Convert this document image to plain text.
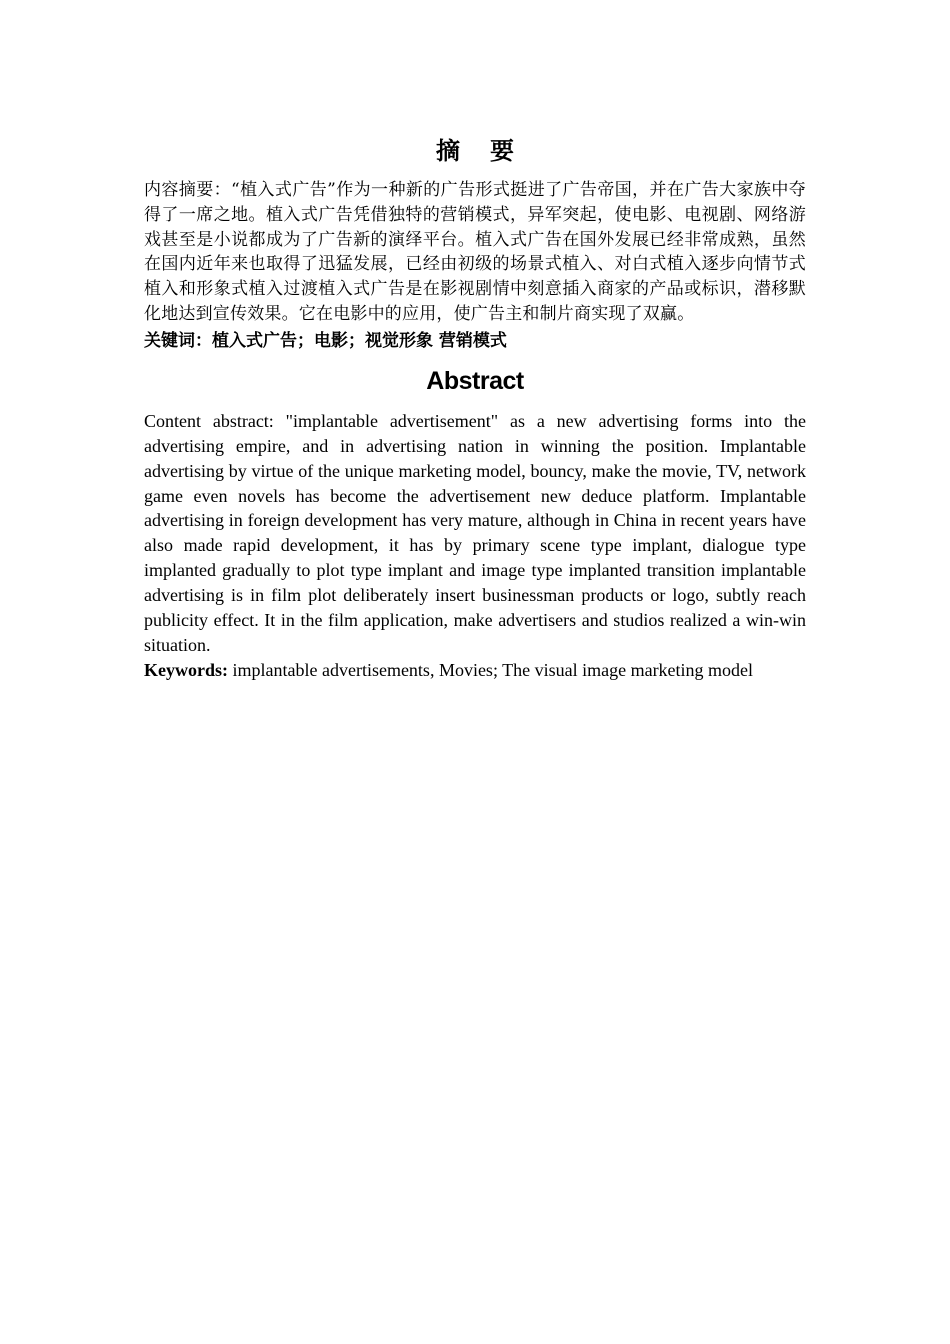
摘要

内容摘要：“植入式广告”作为一种新的广告形式挺进了广告帝国，并在广告大家族中夺得了一席之地。植入式广告凭借独特的营销模式，异军突起，使电影、电视剧、网络游戏甚至是小说都成为了广告新的演绎平台。植入式广告在国外发展已经非常成熟，虽然在国内近年来也取得了迅猛发展，已经由初级的场景式植入、对白式植入逐步向情节式植入和形象式植入过渡植入式广告是在影视剧情中刻意插入商家的产品或标识，潜移默化地达到宣传效果。它在电影中的应用，使广告主和制片商实现了双赢。

关键词：植入式广告；电影；视觉形象 营销模式

Abstract

Content abstract: "implantable advertisement" as a new advertising forms into the advertising empire, and in advertising nation in winning the position. Implantable advertising by virtue of the unique marketing model, bouncy, make the movie, TV, network game even novels has become the advertisement new deduce platform. Implantable advertising in foreign development has very mature, although in China in recent years have also made rapid development, it has by primary scene type implant, dialogue type implanted gradually to plot type implant and image type implanted transition implantable advertising is in film plot deliberately insert businessman products or logo, subtly reach publicity effect. It in the film application, make advertisers and studios realized a win-win situation.

Keywords: implantable advertisements, Movies; The visual image marketing model
